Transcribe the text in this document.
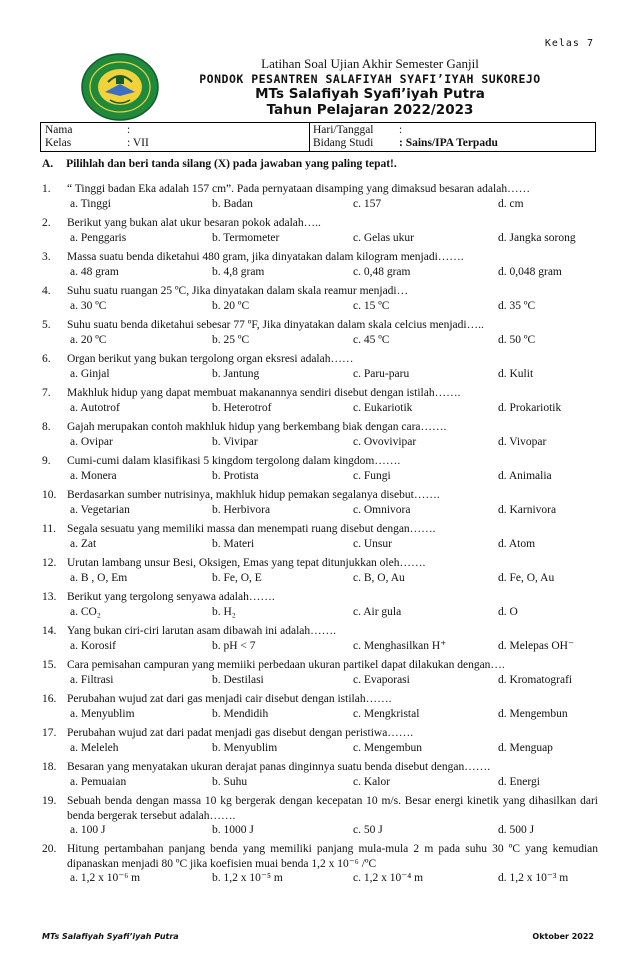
Kelas 7
Latihan Soal Ujian Akhir Semester Ganjil
PONDOK PESANTREN SALAFIYAH SYAFI’IYAH SUKOREJO
MTs Salafiyah Syafi’iyah Putra
Tahun Pelajaran 2022/2023
Nama	:
Kelas	: VII
Hari/Tanggal :
Bidang Studi : Sains/IPA Terpadu
A. Pilihlah dan beri tanda silang (X) pada jawaban yang paling tepat!.
1.	“ Tinggi badan Eka adalah 157 cm”. Pada pernyataan disamping yang dimaksud besaran adalah……
a. Tinggi	b. Badan	c. 157	d. cm
2.	Berikut yang bukan alat ukur besaran pokok adalah…..
a. Penggaris	b. Termometer	c. Gelas ukur	d. Jangka sorong
3.	Massa suatu benda diketahui 480 gram, jika dinyatakan dalam kilogram menjadi…….
a. 48 gram	b. 4,8 gram	c. 0,48 gram	d. 0,048 gram
4.	Suhu suatu ruangan 25 ºC, Jika dinyatakan dalam skala reamur menjadi…
a. 30 ºC	b. 20 ºC	c. 15 ºC	d. 35 ºC
5.	Suhu suatu benda diketahui sebesar 77 ºF, Jika dinyatakan dalam skala celcius menjadi…..
a. 20 ºC	b. 25 ºC	c. 45 ºC	d. 50 ºC
6.	Organ berikut yang bukan tergolong organ eksresi adalah……
a. Ginjal	b. Jantung	c. Paru-paru	d. Kulit
7.	Makhluk hidup yang dapat membuat makanannya sendiri disebut dengan istilah…….
a. Autotrof	b. Heterotrof	c. Eukariotik	d. Prokariotik
8.	Gajah merupakan contoh makhluk hidup yang berkembang biak dengan cara…….
a. Ovipar	b. Vivipar	c. Ovovivipar	d. Vivopar
9.	Cumi-cumi dalam klasifikasi 5 kingdom tergolong dalam kingdom…….
a. Monera	b. Protista	c. Fungi	d. Animalia
10. Berdasarkan sumber nutrisinya, makhluk hidup pemakan segalanya disebut…….
a. Vegetarian	b. Herbivora	c. Omnivora	d. Karnivora
11. Segala sesuatu yang memiliki massa dan menempati ruang disebut dengan…….
a. Zat	b. Materi	c. Unsur	d. Atom
12. Urutan lambang unsur Besi, Oksigen, Emas yang tepat ditunjukkan oleh…….
a. B , O, Em	b. Fe, O, E	c. B, O, Au	d. Fe, O, Au
13. Berikut yang tergolong senyawa adalah…….
a. CO₂	b. H₂	c. Air gula	d. O
14. Yang bukan ciri-ciri larutan asam dibawah ini adalah…….
a. Korosif	b. pH < 7	c. Menghasilkan H⁺	d. Melepas OH⁻
15. Cara pemisahan campuran yang memiiki perbedaan ukuran partikel dapat dilakukan dengan….
a. Filtrasi	b. Destilasi	c. Evaporasi	d. Kromatografi
16. Perubahan wujud zat dari gas menjadi cair disebut dengan istilah…….
a. Menyublim	b. Mendidih	c. Mengkristal	d. Mengembun
17. Perubahan wujud zat dari padat menjadi gas disebut dengan peristiwa…….
a. Meleleh	b. Menyublim	c. Mengembun	d. Menguap
18. Besaran yang menyatakan ukuran derajat panas dinginnya suatu benda disebut dengan…….
a. Pemuaian	b. Suhu	c. Kalor	d. Energi
19. Sebuah benda dengan massa 10 kg bergerak dengan kecepatan 10 m/s. Besar energi kinetik yang dihasilkan dari benda bergerak tersebut adalah…….
a. 100 J	b. 1000 J	c. 50 J	d. 500 J
20. Hitung pertambahan panjang benda yang memiliki panjang mula-mula 2 m pada suhu 30 ºC yang kemudian dipanaskan menjadi 80 ºC jika koefisien muai benda 1,2 x 10⁻⁶ /ºC
a. 1,2 x 10⁻⁶ m	b. 1,2 x 10⁻⁵ m	c. 1,2 x 10⁻⁴ m	d. 1,2 x 10⁻³ m
MTs Salafiyah Syafi’iyah Putra	Oktober 2022
